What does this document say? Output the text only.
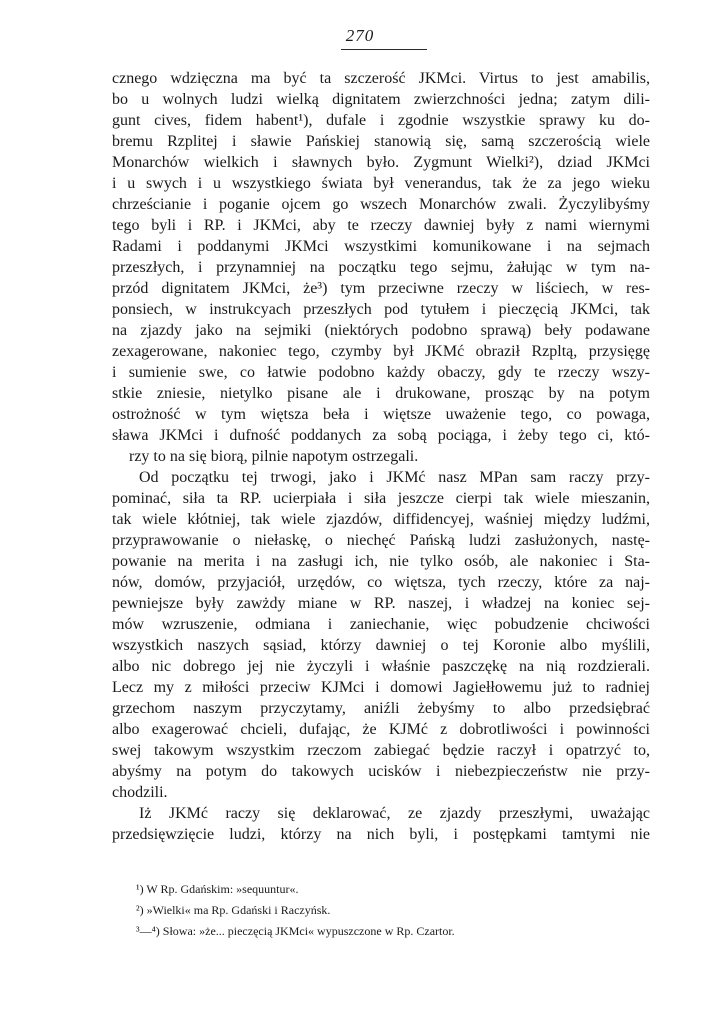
270
cznego wdzięczna ma być ta szczerość JKMci. Virtus to jest amabilis,
bo u wolnych ludzi wielką dignitatem zwierzchności jedna; zatym dili-
gunt cives, fidem habent¹), dufale i zgodnie wszystkie sprawy ku do-
bremu Rzplitej i sławie Pańskiej stanowią się, samą szczerością wiele
Monarchów wielkich i sławnych było. Zygmunt Wielki²), dziad JKMci
i u swych i u wszystkiego świata był venerandus, tak że za jego wieku
chrześcianie i poganie ojcem go wszech Monarchów zwali. Życzylibyśmy
tego byli i RP. i JKMci, aby te rzeczy dawniej były z nami wiernymi
Radami i poddanymi JKMci wszystkimi komunikowane i na sejmach
przeszłych, i przynamniej na początku tego sejmu, żałując w tym na-
przód dignitatem JKMci, że³) tym przeciwne rzeczy w liściech, w res-
ponsiech, w instrukcyach przeszłych pod tytułem i pieczęcią JKMci, tak
na zjazdy jako na sejmiki (niektórych podobno sprawą) beły podawane
zexagerowane, nakoniec tego, czymby był JKMć obraził Rzpltą, przysięgę
i sumienie swe, co łatwie podobno każdy obaczy, gdy te rzeczy wszy-
stkie zniesie, nietylko pisane ale i drukowane, prosząc by na potym
ostrożność w tym więtsza beła i więtsze uważenie tego, co powaga,
sława JKMci i dufność poddanych za sobą pociąga, i żeby tego ci, któ-
rzy to na się biorą, pilnie napotym ostrzegali.
Od początku tej trwogi, jako i JKMć nasz MPan sam raczy przy-
pominać, siła ta RP. ucierpiała i siła jeszcze cierpi tak wiele mieszanin,
tak wiele kłótniej, tak wiele zjazdów, diffidencyej, waśniej między ludźmi,
przyprawowanie o niełaskę, o niechęć Pańską ludzi zasłużonych, nastę-
powanie na merita i na zasługi ich, nie tylko osób, ale nakoniec i Sta-
nów, domów, przyjaciół, urzędów, co więtsza, tych rzeczy, które za naj-
pewniejsze były zawżdy miane w RP. naszej, i władzej na koniec sej-
mów wzruszenie, odmiana i zaniechanie, więc pobudzenie chciwości
wszystkich naszych sąsiad, którzy dawniej o tej Koronie albo myślili,
albo nic dobrego jej nie życzyli i właśnie paszczękę na nią rozdzierali.
Lecz my z miłości przeciw KJMci i domowi Jagiełłowemu już to radniej
grzechom naszym przyczytamy, aniźli żebyśmy to albo przedsiębrać
albo exagerować chcieli, dufając, że KJMć z dobrotliwości i powinności
swej takowym wszystkim rzeczom zabiegać będzie raczył i opatrzyć to,
abyśmy na potym do takowych ucisków i niebezpieczeństw nie przy-
chodzili.
Iż JKMć raczy się deklarować, ze zjazdy przeszłymi, uważając
przedsięwzięcie ludzi, którzy na nich byli, i postępkami tamtymi nie
¹) W Rp. Gdańskim: »sequuntur«.
²) »Wielki« ma Rp. Gdański i Raczyńsk.
³—⁴) Słowa: »że... pieczęcią JKMci« wypuszczone w Rp. Czartor.
